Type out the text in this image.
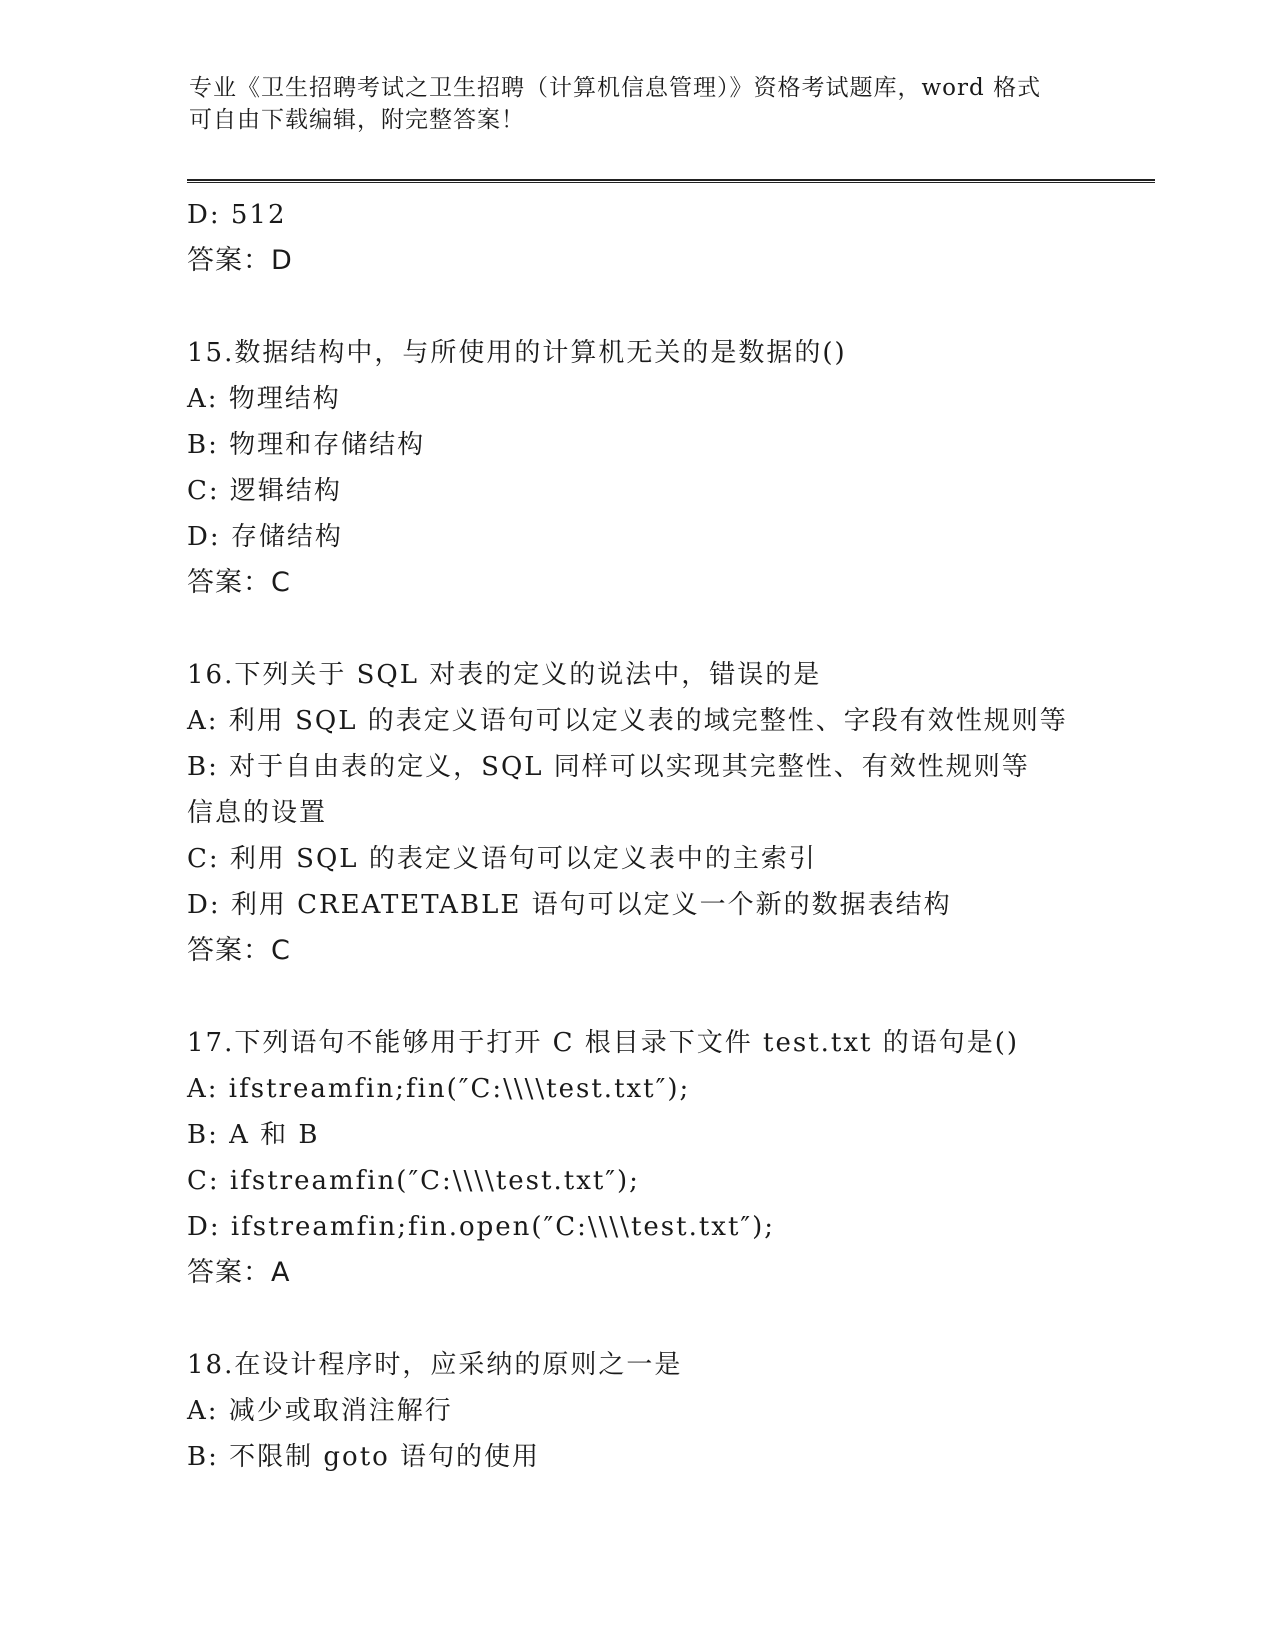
专业《卫生招聘考试之卫生招聘（计算机信息管理）》资格考试题库，word 格式
可自由下载编辑，附完整答案！
D: 512
答案：D
15.数据结构中，与所使用的计算机无关的是数据的()
A: 物理结构
B: 物理和存储结构
C: 逻辑结构
D: 存储结构
答案：C
16.下列关于 SQL 对表的定义的说法中，错误的是
A: 利用 SQL 的表定义语句可以定义表的域完整性、字段有效性规则等
B: 对于自由表的定义，SQL 同样可以实现其完整性、有效性规则等信息的设置
C: 利用 SQL 的表定义语句可以定义表中的主索引
D: 利用 CREATETABLE 语句可以定义一个新的数据表结构
答案：C
17.下列语句不能够用于打开 C 根目录下文件 test.txt 的语句是()
A: ifstreamfin;fin(″C:\\\\test.txt″);
B: A 和 B
C: ifstreamfin(″C:\\\\test.txt″);
D: ifstreamfin;fin.open(″C:\\\\test.txt″);
答案：A
18.在设计程序时，应采纳的原则之一是
A: 减少或取消注解行
B: 不限制 goto 语句的使用
